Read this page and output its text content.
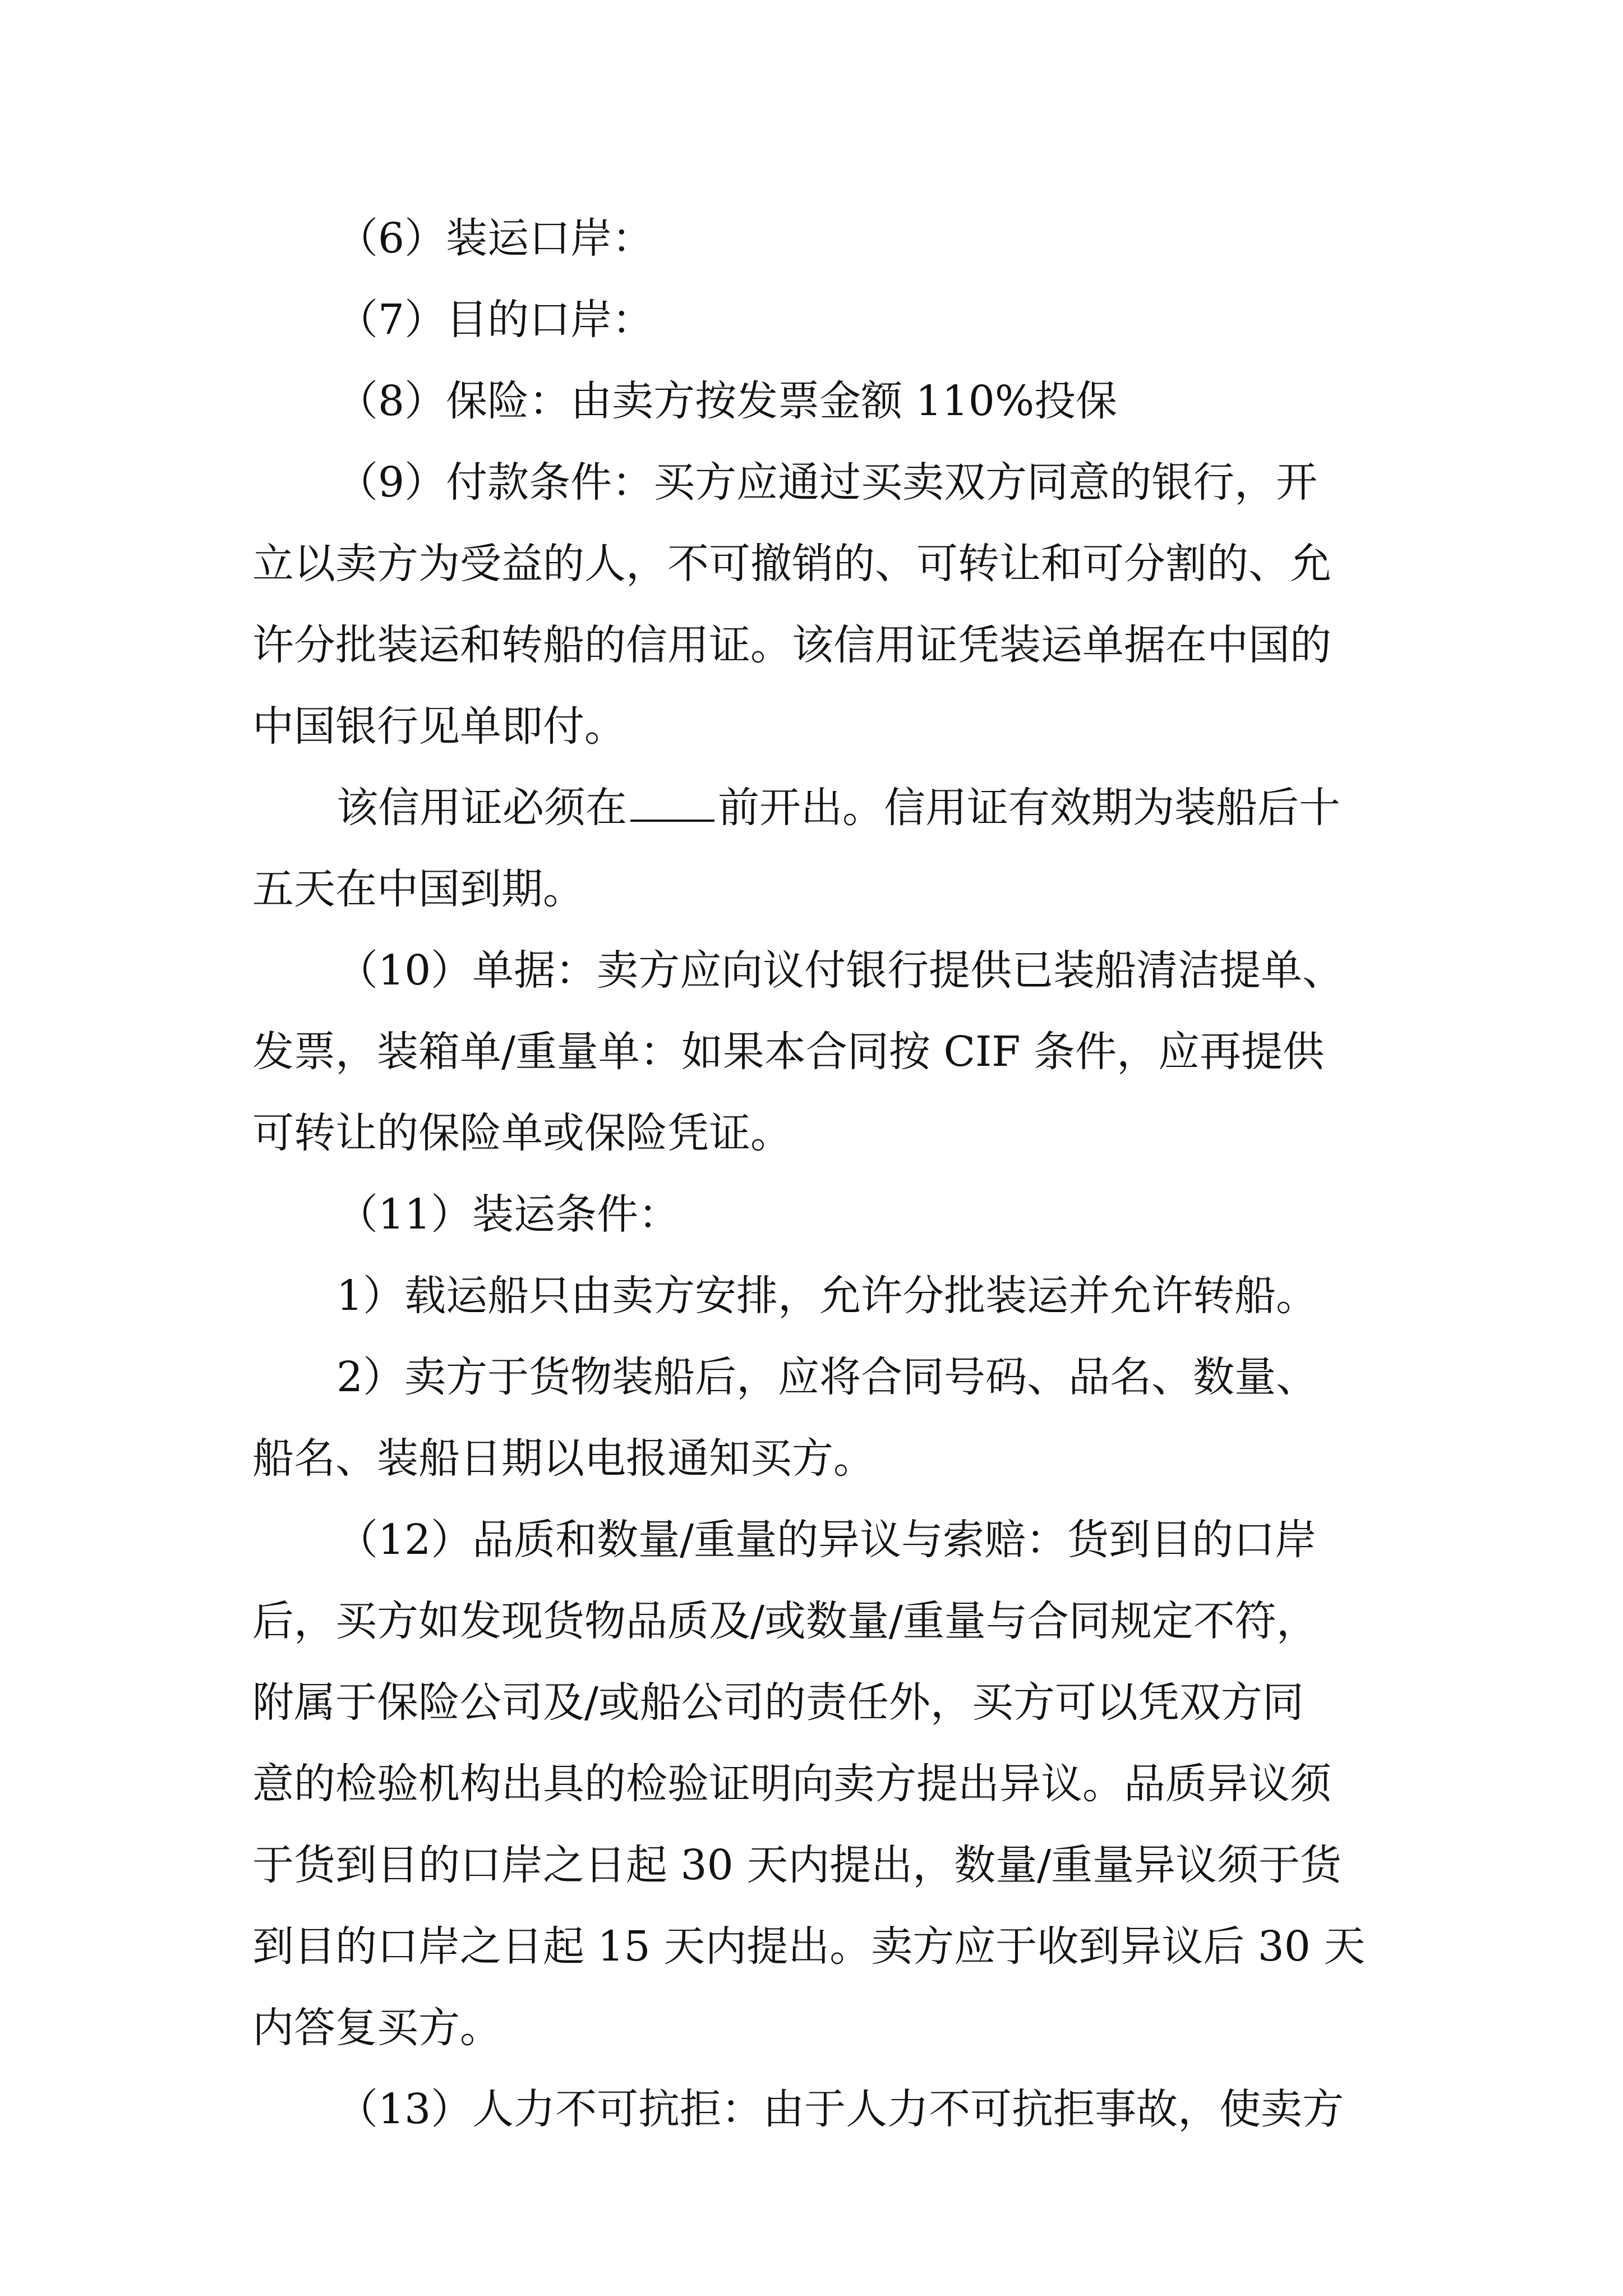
（6）装运口岸：
（7）目的口岸：
（8）保险：由卖方按发票金额 110%投保
（9）付款条件：买方应通过买卖双方同意的银行，开
立以卖方为受益的人，不可撤销的、可转让和可分割的、允
许分批装运和转船的信用证。该信用证凭装运单据在中国的
中国银行见单即付。
该信用证必须在 前开出。信用证有效期为装船后十
五天在中国到期。
（10）单据：卖方应向议付银行提供已装船清洁提单、
发票，装箱单/重量单：如果本合同按 CIF 条件，应再提供
可转让的保险单或保险凭证。
（11）装运条件：
1）载运船只由卖方安排，允许分批装运并允许转船。
2）卖方于货物装船后，应将合同号码、品名、数量、
船名、装船日期以电报通知买方。
（12）品质和数量/重量的异议与索赔：货到目的口岸
后，买方如发现货物品质及/或数量/重量与合同规定不符，
附属于保险公司及/或船公司的责任外，买方可以凭双方同
意的检验机构出具的检验证明向卖方提出异议。品质异议须
于货到目的口岸之日起 30 天内提出，数量/重量异议须于货
到目的口岸之日起 15 天内提出。卖方应于收到异议后 30 天
内答复买方。
（13）人力不可抗拒：由于人力不可抗拒事故，使卖方
